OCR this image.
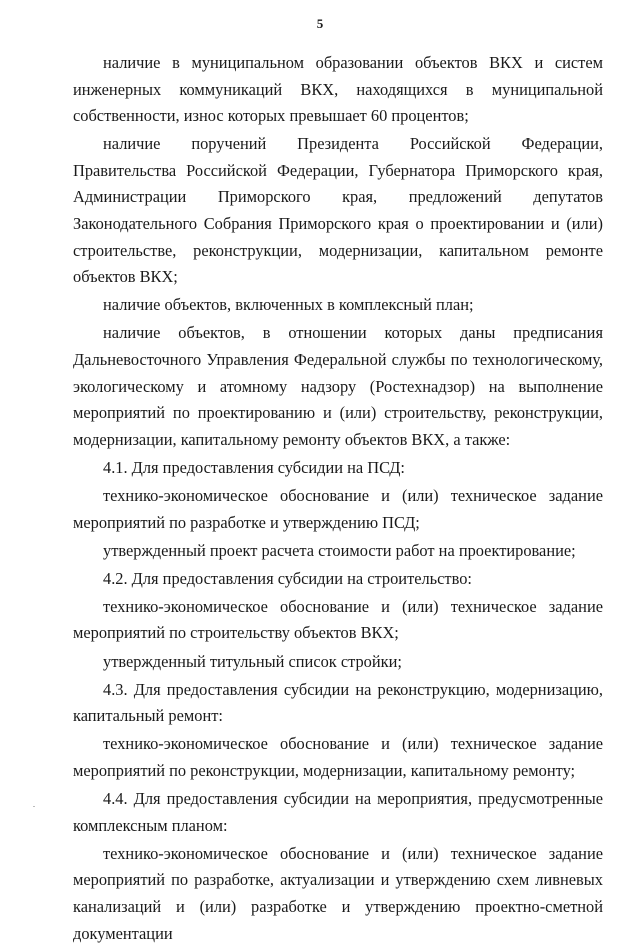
5

наличие в муниципальном образовании объектов ВКХ и систем инженерных коммуникаций ВКХ, находящихся в муниципальной собственности, износ которых превышает 60 процентов;

наличие поручений Президента Российской Федерации, Правительства Российской Федерации, Губернатора Приморского края, Администрации Приморского края, предложений депутатов Законодательного Собрания Приморского края о проектировании и (или) строительстве, реконструкции, модернизации, капитальном ремонте объектов ВКХ;

наличие объектов, включенных в комплексный план;

наличие объектов, в отношении которых даны предписания Дальневосточного Управления Федеральной службы по технологическому, экологическому и атомному надзору (Ростехнадзор) на выполнение мероприятий по проектированию и (или) строительству, реконструкции, модернизации, капитальному ремонту объектов ВКХ, а также:

4.1. Для предоставления субсидии на ПСД:

технико-экономическое обоснование и (или) техническое задание мероприятий по разработке и утверждению ПСД;

утвержденный проект расчета стоимости работ на проектирование;

4.2. Для предоставления субсидии на строительство:

технико-экономическое обоснование и (или) техническое задание мероприятий по строительству объектов ВКХ;

утвержденный титульный список стройки;

4.3. Для предоставления субсидии на реконструкцию, модернизацию, капитальный ремонт:

технико-экономическое обоснование и (или) техническое задание мероприятий по реконструкции, модернизации, капитальному ремонту;

4.4. Для предоставления субсидии на мероприятия, предусмотренные комплексным планом:

технико-экономическое обоснование и (или) техническое задание мероприятий по разработке, актуализации и утверждению схем ливневых канализаций и (или) разработке и утверждению проектно-сметной документации
